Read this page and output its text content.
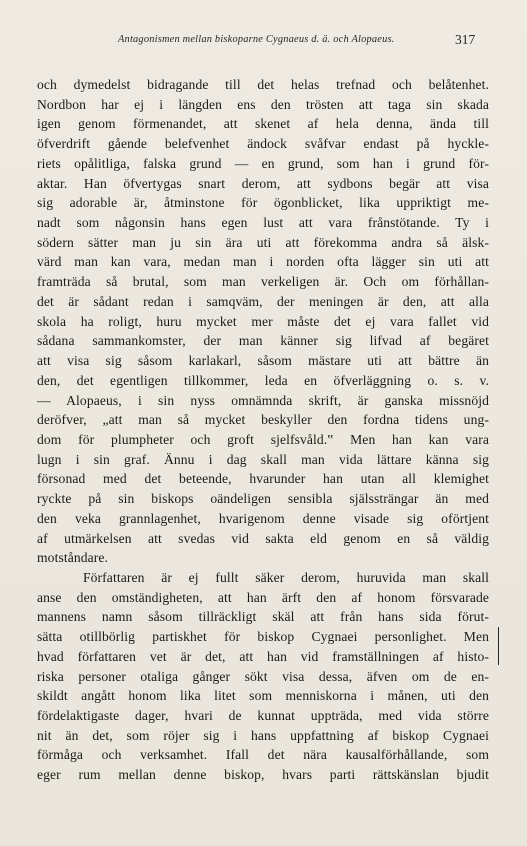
Antagonismen mellan biskoparne Cygnaeus d. ä. och Alopaeus.	317
och dymedelst bidragande till det helas trefnad och belåtenhet.
Nordbon har ej i längden ens den trösten att taga sin skada
igen genom förmenandet, att skenet af hela denna, ända till
öfverdrift gående belefvenhet ändock svåfvar endast på hyckle-
riets opålitliga, falska grund — en grund, som han i grund för-
aktar. Han öfvertygas snart derom, att sydbons begär att visa
sig adorable är, åtminstone för ögonblicket, lika uppriktigt me-
nadt som någonsin hans egen lust att vara frånstötande. Ty i
södern sätter man ju sin ära uti att förekomma andra så älsk-
värd man kan vara, medan man i norden ofta lägger sin uti att
framträda så brutal, som man verkeligen är. Och om förhållan-
det är sådant redan i samqväm, der meningen är den, att alla
skola ha roligt, huru mycket mer måste det ej vara fallet vid
sådana sammankomster, der man känner sig lifvad af begäret
att visa sig såsom karlakarl, såsom mästare uti att bättre än
den, det egentligen tillkommer, leda en öfverläggning o. s. v.
— Alopaeus, i sin nyss omnämnda skrift, är ganska missnöjd
deröfver, „att man så mycket beskyller den fordna tidens ung-
dom för plumpheter och groft sjelfsvåld.‟ Men han kan vara
lugn i sin graf. Ännu i dag skall man vida lättare känna sig
försonad med det beteende, hvarunder han utan all klemighet
ryckte på sin biskops oändeligen sensibla själssträngar än med
den veka grannlagenhet, hvarigenom denne visade sig oförtjent
af utmärkelsen att svedas vid sakta eld genom en så väldig
motståndare.
Författaren är ej fullt säker derom, huruvida man skall
anse den omständigheten, att han ärft den af honom försvarade
mannens namn såsom tillräckligt skäl att från hans sida förut-
sätta otillbörlig partiskhet för biskop Cygnaei personlighet. Men
hvad författaren vet är det, att han vid framställningen af histo-
riska personer otaliga gånger sökt visa dessa, äfven om de en-
skildt angått honom lika litet som menniskorna i månen, uti den
fördelaktigaste dager, hvari de kunnat uppträda, med vida större
nit än det, som röjer sig i hans uppfattning af biskop Cygnaei
förmåga och verksamhet. Ifall det nära kausalförhållande, som
eger rum mellan denne biskop, hvars parti rättskänslan bjudit
